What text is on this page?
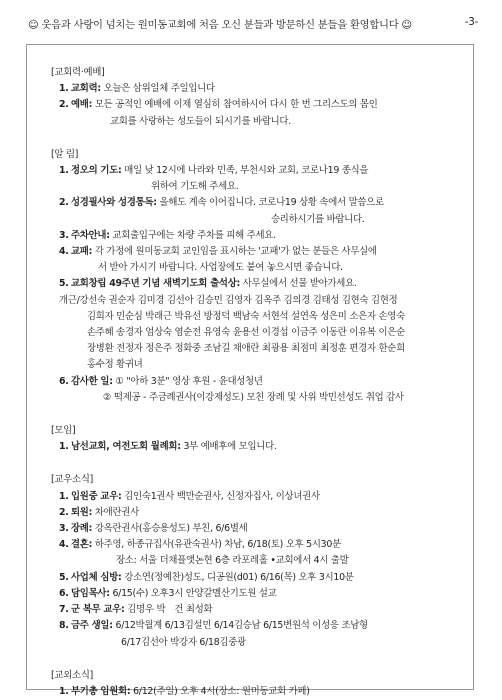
☺ 웃음과 사랑이 넘치는 원미동교회에 처음 오신 분들과 방문하신 분들을 환영합니다 ☺	-3-
[교회력·예배]
1. 교회력: 오늘은 삼위일체 주일입니다
2. 예배: 모든 공적인 예배에 이제 열심히 참여하시어 다시 한 번 그리스도의 몸인
교회를 사랑하는 성도들이 되시기를 바랍니다.
[알 림]
1. 정오의 기도: 매일 낮 12시에 나라와 민족, 부천시와 교회, 코로나19 종식을
위하여 기도해 주세요.
2. 성경필사와 성경통독: 올해도 계속 이어집니다. 코로나19 상황 속에서 말씀으로
승리하시기를 바랍니다.
3. 주차안내: 교회출입구에는 차량 주차를 피해 주세요.
4. 교패: 각 가정에 원미동교회 교인임을 표시하는 '교패'가 없는 분들은 사무실에
서 받아 가시기 바랍니다. 사업장에도 붙여 놓으시면 좋습니다.
5. 교회창립 49주년 기념 새벽기도회 출석상: 사무실에서 선물 받아가세요.
개근/강선숙 권순자 김미경 김선아 김승민 김영자 김옥주 김의경 김태성 김현숙 김현정
김희자 민순심 박래근 박유선 방정덕 백남숙 서현석 설연옥 성은미 소은자 손영숙
손주혜 송경자 엄상숙 염순전 유영숙 윤용선 이경섭 이금주 이동란 이유복 이은순
장병환 전정자 정은주 정화중 조남길 채애란 최광용 최점미 최정훈 편경자 한순희
홍수정 황귀녀
6. 감사한 일: ① "아하 3분" 영상 후원 - 윤대성청년
② 떡제공 - 주금례권사(이강제성도) 모친 장례 및 사위 박민선성도 취업 감사
[모임]
1. 남선교회, 여전도회 월례회: 3부 예배후에 모입니다.
[교우소식]
1. 입원중 교우: 김인숙1권사 백만순권사, 신정자집사, 이상녀권사
2. 퇴원: 차애란권사
3. 장례: 강옥란권사(홍승용성도) 부친, 6/6별세
4. 결혼: 하주영, 하종규집사(유관숙권사) 차남, 6/18(토) 오후 5시30분
장소: 서울 더채플앳논현 6층 라포레홀 •교회에서 4시 출발
5. 사업체 심방: 강소연(정예찬)성도, 디공원(d01) 6/16(목) 오후 3시10분
6. 담임목사: 6/15(수) 오후3시 안양갈멜산기도원 설교
7. 군 복무 교우: 김명우 박　건 최성화
8. 금주 생일: 6/12박월계 6/13김설민 6/14김승남 6/15변원석 이성응 조남형
6/17김선아 박강자 6/18김중광
[교외소식]
1. 부기총 임원회: 6/12(주일) 오후 4시(장소: 원미동교회 카페)
